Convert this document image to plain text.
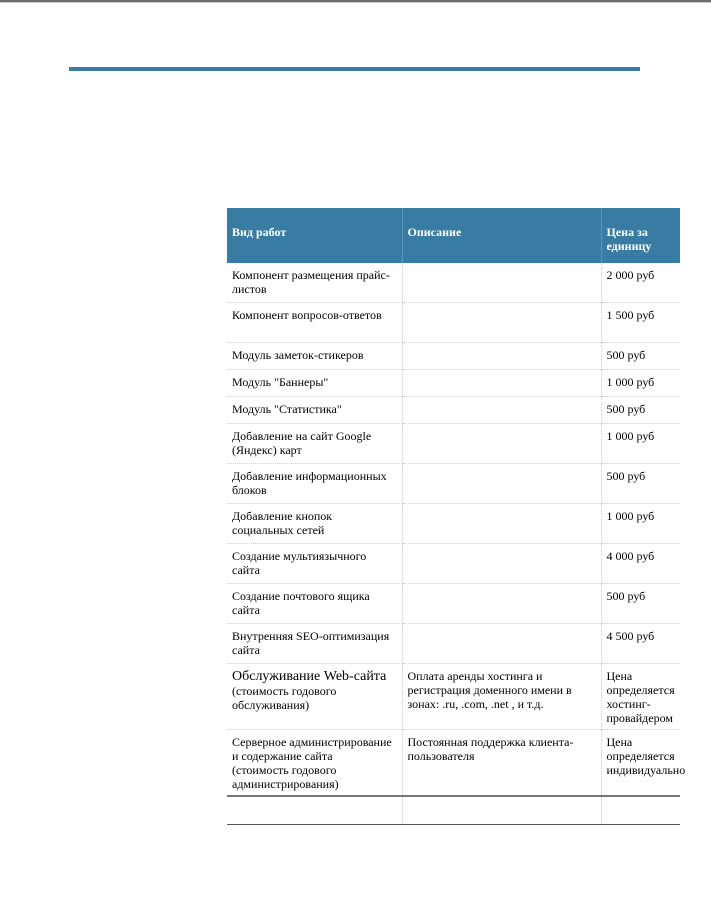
Вид работ	Описание	Цена за единицу
Компонент размещения прайс-листов		2 000 руб
Компонент вопросов-ответов		1 500 руб
Модуль заметок-стикеров		500 руб
Модуль "Баннеры"		1 000 руб
Модуль "Статистика"		500 руб
Добавление на сайт Google (Яндекс) карт		1 000 руб
Добавление информационных блоков		500 руб
Добавление кнопок социальных сетей		1 000 руб
Создание мультиязычного сайта		4 000 руб
Создание почтового ящика сайта		500 руб
Внутренняя SEO-оптимизация сайта		4 500 руб

Обслуживание Web-сайта
(стоимость годового обслуживания)	Оплата аренды хостинга и регистрация доменного имени в зонах: .ru, .com, .net , и т.д.	Цена определяется хостинг-провайдером

Серверное администрирование и содержание сайта
(стоимость годового администрирования)	Постоянная поддержка клиента-пользователя	Цена определяется индивидуально
